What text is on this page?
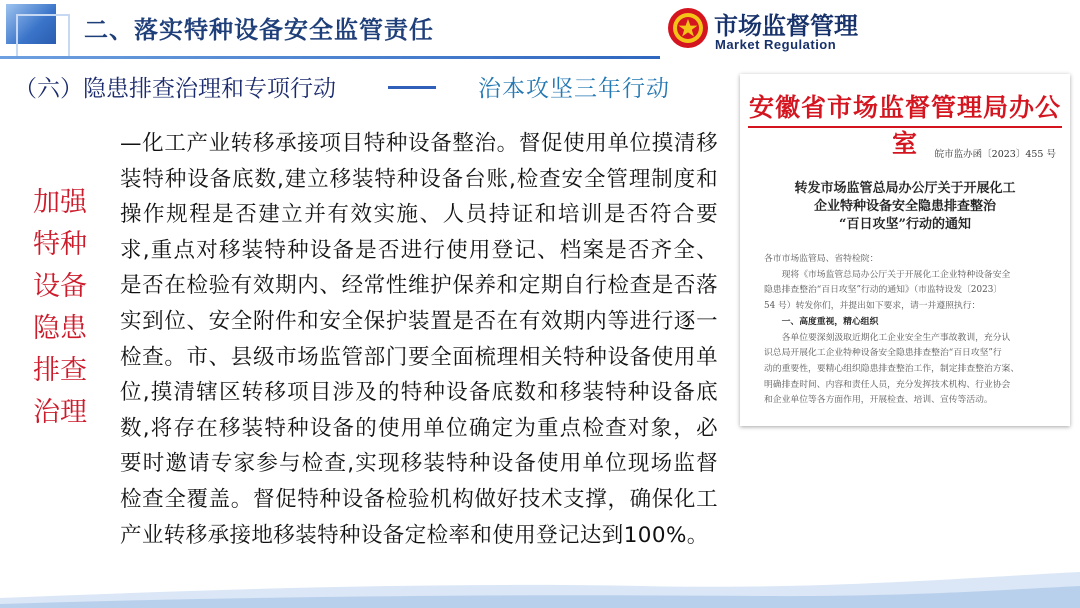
二、落实特种设备安全监管责任	市场监督管理
Market Regulation
（六）隐患排查治理和专项行动	治本攻坚三年行动
加强
特种
设备
隐患
排查
治理
—化工产业转移承接项目特种设备整治。督促使用单位摸清移装特种设备底数,建立移装特种设备台账,检查安全管理制度和操作规程是否建立并有效实施、人员持证和培训是否符合要求,重点对移装特种设备是否进行使用登记、档案是否齐全、是否在检验有效期内、经常性维护保养和定期自行检查是否落实到位、安全附件和安全保护装置是否在有效期内等进行逐一检查。市、县级市场监管部门要全面梳理相关特种设备使用单位,摸清辖区转移项目涉及的特种设备底数和移装特种设备底数,将存在移装特种设备的使用单位确定为重点检查对象，必要时邀请专家参与检查,实现移装特种设备使用单位现场监督检查全覆盖。督促特种设备检验机构做好技术支撑，确保化工产业转移承接地移装特种设备定检率和使用登记达到100%。
安徽省市场监督管理局办公室	皖市监办函〔2023〕455 号
转发市场监管总局办公厅关于开展化工
企业特种设备安全隐患排查整治
“百日攻坚”行动的通知

各市市场监管局、省特检院：

　　现将《市场监管总局办公厅关于开展化工企业特种设备安全

隐患排查整治“百日攻坚”行动的通知》（市监特设发〔2023〕

54 号）转发你们，并提出如下要求，请一并遵照执行：

　　一、高度重视，精心组织

　　各单位要深刻汲取近期化工企业安全生产事故教训，充分认

识总局开展化工企业特种设备安全隐患排查整治“百日攻坚”行

动的重要性，要精心组织隐患排查整治工作，制定排查整治方案、

明确排查时间、内容和责任人员，充分发挥技术机构、行业协会

和企业单位等各方面作用，开展检查、培训、宣传等活动。
